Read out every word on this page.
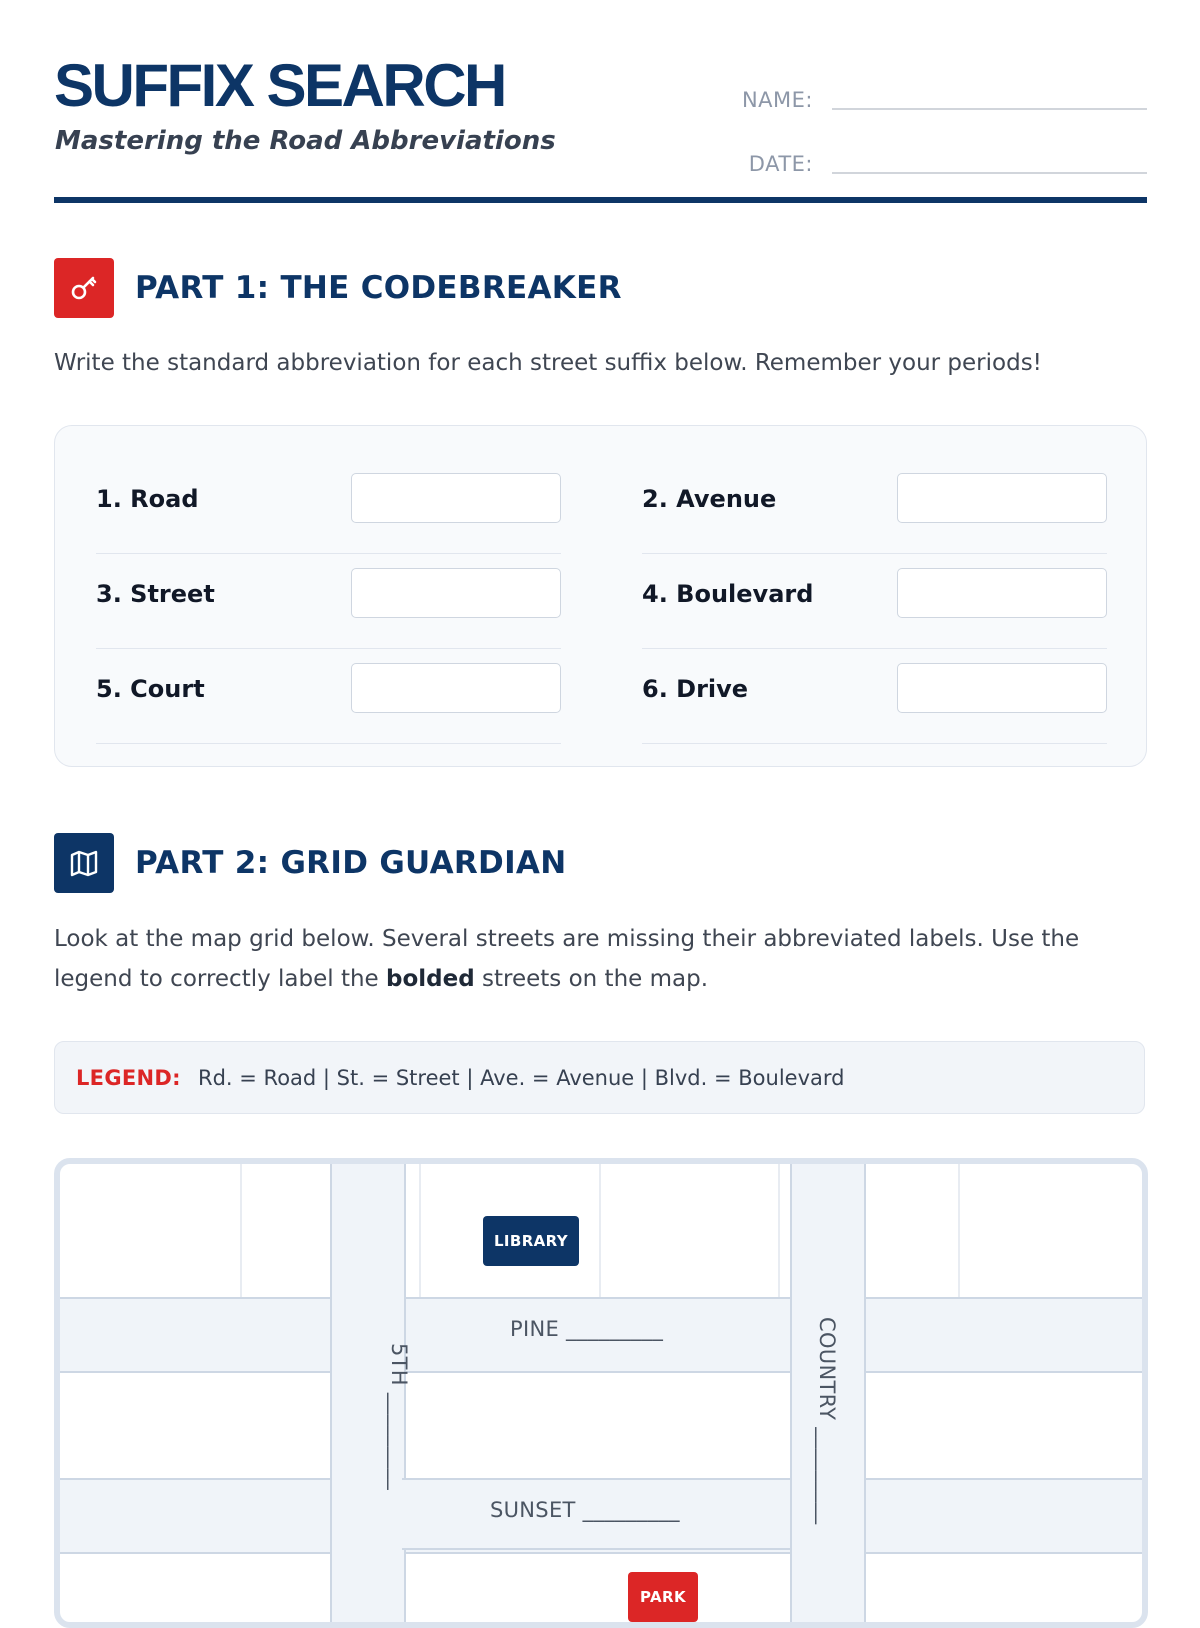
SUFFIX SEARCH

Mastering the Road Abbreviations

NAME:
DATE:
PART 1: THE CODEBREAKER

Write the standard abbreviation for each street suffix below. Remember your periods!

1. Road	2. Avenue
3. Street	4. Boulevard
5. Court	6. Drive
PART 2: GRID GUARDIAN

Look at the map grid below. Several streets are missing their abbreviated labels. Use the legend to correctly label the bolded streets on the map.

LEGEND: Rd. = Road | St. = Street | Ave. = Avenue | Blvd. = Boulevard
PINE _________
SUNSET _________
5TH _________	COUNTRY _________
LIBRARY
PARK
